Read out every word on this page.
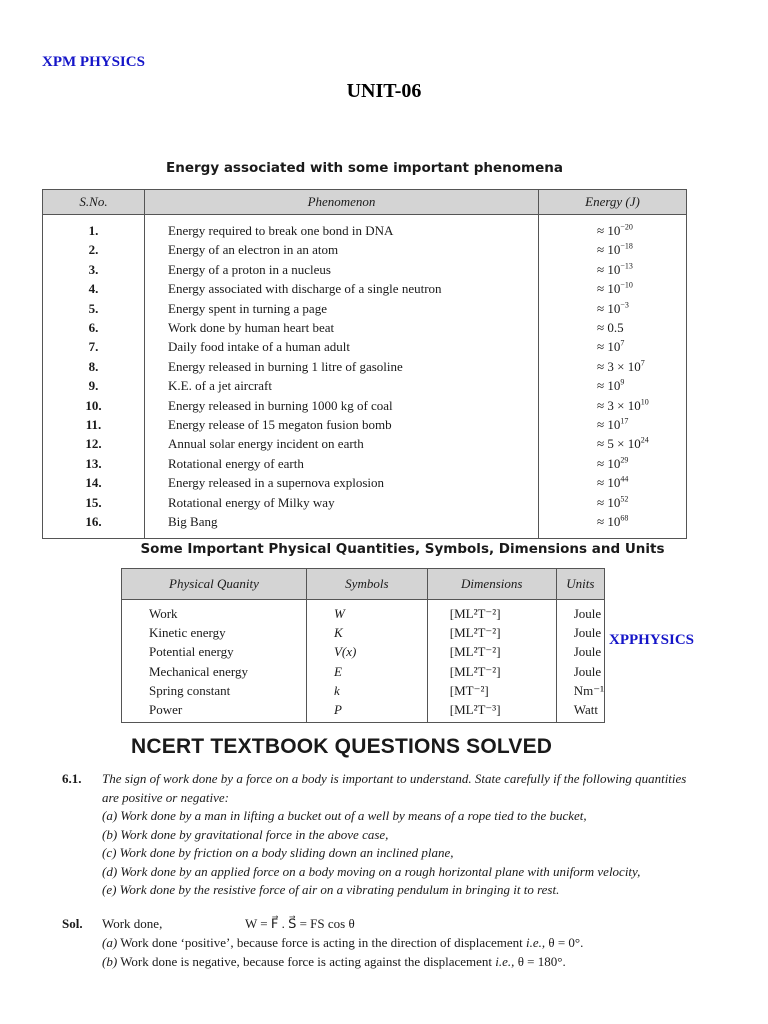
XPM PHYSICS
UNIT-06
Energy associated with some important phenomena
S.No.	Phenomenon	Energy (J)
1.	Energy required to break one bond in DNA	≈ $10^{-20}$
2.	Energy of an electron in an atom	≈ $10^{-18}$
3.	Energy of a proton in a nucleus	≈ $10^{-13}$
4.	Energy associated with discharge of a single neutron	≈ $10^{-10}$
5.	Energy spent in turning a page	≈ $10^{-3}$
6.	Work done by human heart beat	≈ 0.5
7.	Daily food intake of a human adult	≈ $10^7$
8.	Energy released in burning 1 litre of gasoline	≈ $3 \times 10^7$
9.	K.E. of a jet aircraft	≈ $10^9$
10.	Energy released in burning 1000 kg of coal	≈ $3 \times 10^{10}$
11.	Energy release of 15 megaton fusion bomb	≈ $10^{17}$
12.	Annual solar energy incident on earth	≈ $5 \times 10^{24}$
13.	Rotational energy of earth	≈ $10^{29}$
14.	Energy released in a supernova explosion	≈ $10^{44}$
15.	Rotational energy of Milky way	≈ $10^{52}$
16.	Big Bang	≈ $10^{68}$
Some Important Physical Quantities, Symbols, Dimensions and Units
Physical Quanity	Symbols	Dimensions	Units
Work	W	[ML²T⁻²]	Joule
Kinetic energy	K	[ML²T⁻²]	Joule
Potential energy	V(x)	[ML²T⁻²]	Joule
Mechanical energy	E	[ML²T⁻²]	Joule
Spring constant	k	[MT⁻²]	Nm⁻¹
Power	P	[ML²T⁻³]	Watt
XPPHYSICS
NCERT TEXTBOOK QUESTIONS SOLVED
6.1. The sign of work done by a force on a body is important to understand. State carefully if the following quantities are positive or negative:
(a) Work done by a man in lifting a bucket out of a well by means of a rope tied to the bucket,
(b) Work done by gravitational force in the above case,
(c) Work done by friction on a body sliding down an inclined plane,
(d) Work done by an applied force on a body moving on a rough horizontal plane with uniform velocity,
(e) Work done by the resistive force of air on a vibrating pendulum in bringing it to rest.
Sol. Work done,	W = F⃗ . S⃗ = FS cos θ
(a) Work done ‘positive’, because force is acting in the direction of displacement i.e., θ = 0°.
(b) Work done is negative, because force is acting against the displacement i.e., θ = 180°.
